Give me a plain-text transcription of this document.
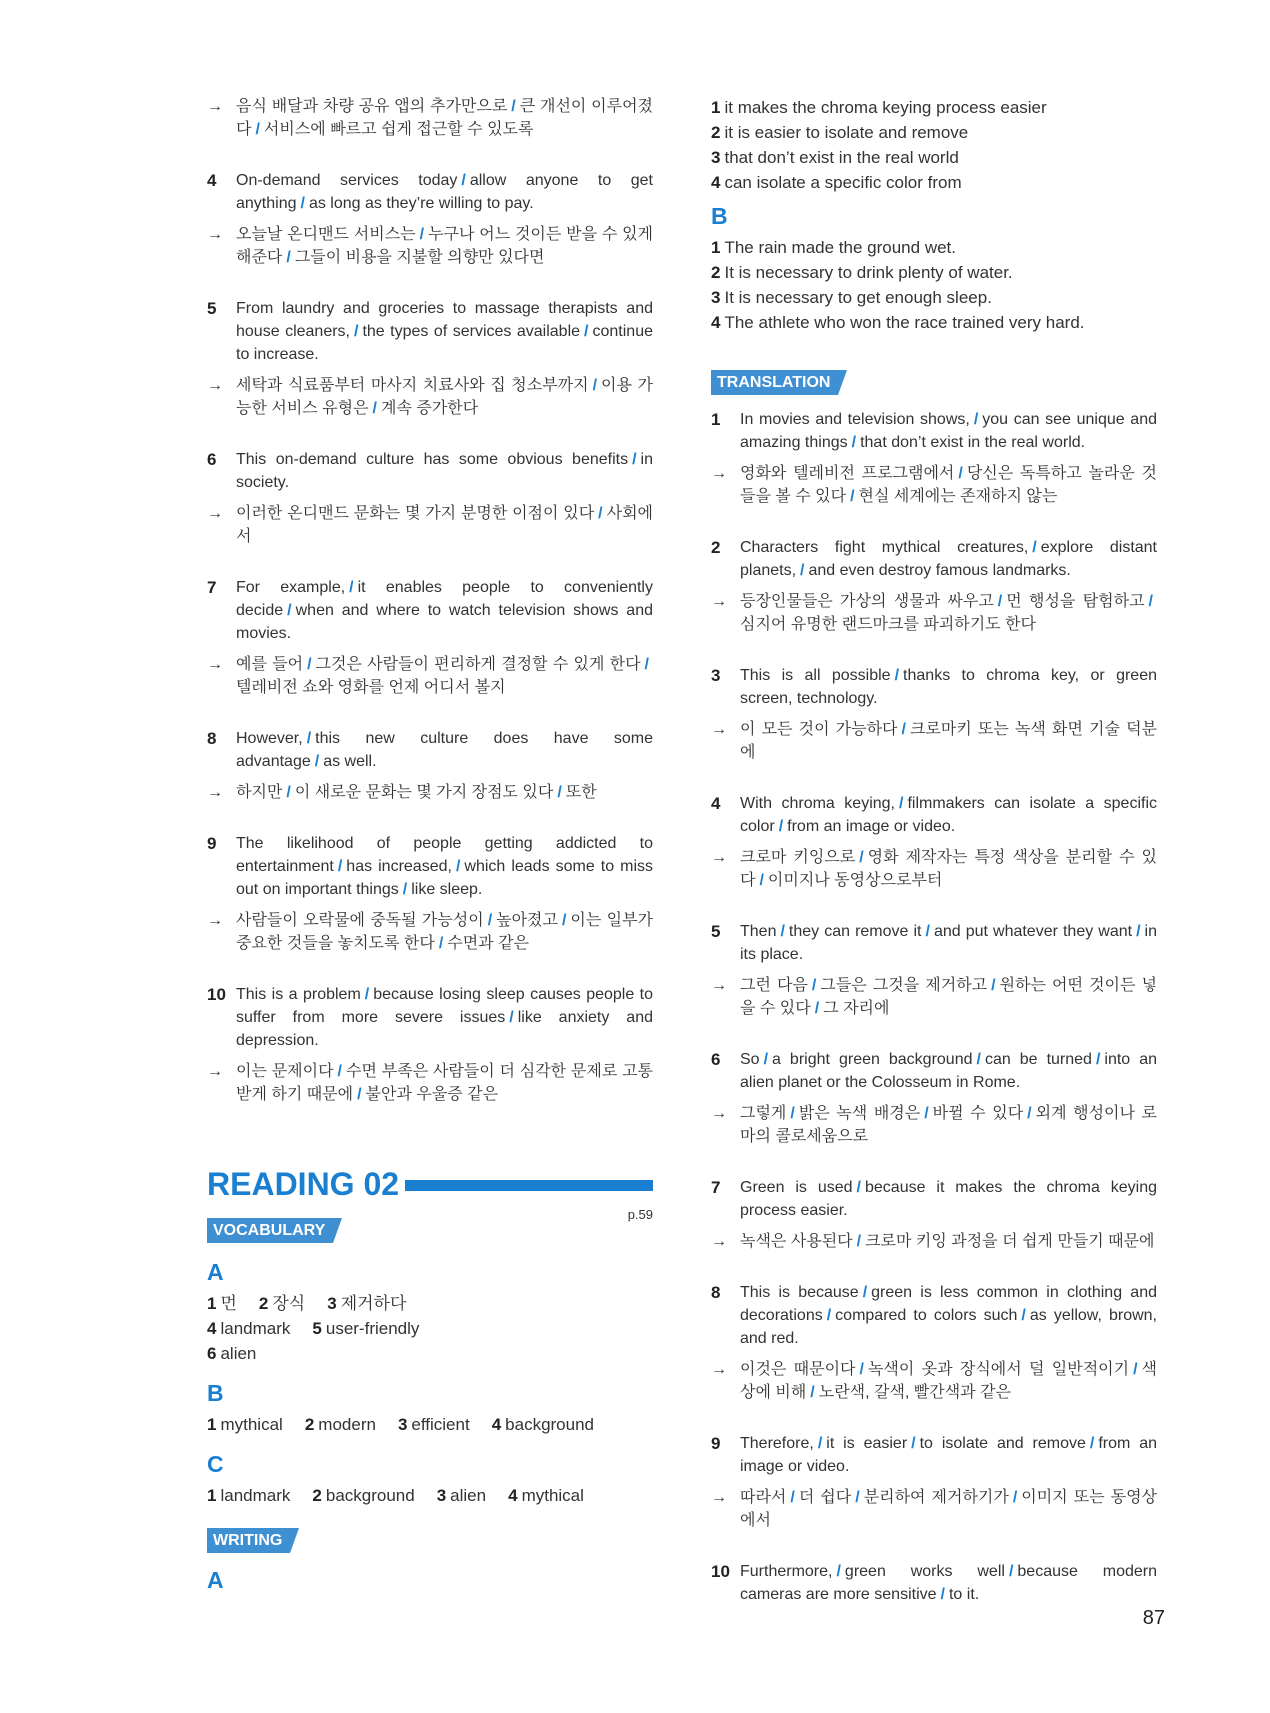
→ 음식 배달과 차량 공유 앱의 추가만으로 / 큰 개선이 이루어졌다 / 서비스에 빠르고 쉽게 접근할 수 있도록
4 On-demand services today / allow anyone to get anything / as long as they’re willing to pay.
→ 오늘날 온디맨드 서비스는 / 누구나 어느 것이든 받을 수 있게 해준다 / 그들이 비용을 지불할 의향만 있다면
5 From laundry and groceries to massage therapists and house cleaners, / the types of services available / continue to increase.
→ 세탁과 식료품부터 마사지 치료사와 집 청소부까지 / 이용 가능한 서비스 유형은 / 계속 증가한다
6 This on-demand culture has some obvious benefits / in society.
→ 이러한 온디맨드 문화는 몇 가지 분명한 이점이 있다 / 사회에서
7 For example, / it enables people to conveniently decide / when and where to watch television shows and movies.
→ 예를 들어 / 그것은 사람들이 편리하게 결정할 수 있게 한다 /텔레비전 쇼와 영화를 언제 어디서 볼지
8 However, / this new culture does have some advantage / as well.
→ 하지만 / 이 새로운 문화는 몇 가지 장점도 있다 / 또한
9 The likelihood of people getting addicted to entertainment / has increased, / which leads some to miss out on important things / like sleep.
→ 사람들이 오락물에 중독될 가능성이 / 높아졌고 / 이는 일부가 중요한 것들을 놓치도록 한다 / 수면과 같은
10 This is a problem / because losing sleep causes people to suffer from more severe issues / like anxiety and depression.
→ 이는 문제이다 / 수면 부족은 사람들이 더 심각한 문제로 고통받게 하기 때문에 / 불안과 우울증 같은
READING 02
p.59
VOCABULARY
A
1 먼 2 장식 3 제거하다4 landmark 5 user-friendly
6 alien
B
1 mythical 2 modern 3 efficient 4 background
C
1 landmark 2 background 3 alien 4 mythical
WRITING
A
1 it makes the chroma keying process easier
2 it is easier to isolate and remove
3 that don’t exist in the real world
4 can isolate a specific color from
B
1 The rain made the ground wet.
2 It is necessary to drink plenty of water.
3 It is necessary to get enough sleep.
4 The athlete who won the race trained very hard.
TRANSLATION
1 In movies and television shows, / you can see unique and amazing things / that don’t exist in the real world.
→ 영화와 텔레비전 프로그램에서 / 당신은 독특하고 놀라운 것들을 볼 수 있다 / 현실 세계에는 존재하지 않는
2 Characters fight mythical creatures, / explore distant planets, / and even destroy famous landmarks.
→ 등장인물들은 가상의 생물과 싸우고 / 먼 행성을 탐험하고 /심지어 유명한 랜드마크를 파괴하기도 한다
3 This is all possible / thanks to chroma key, or green screen, technology.
→ 이 모든 것이 가능하다 / 크로마키 또는 녹색 화면 기술 덕분에
4 With chroma keying, / filmmakers can isolate a specific color / from an image or video.
→ 크로마 키잉으로 / 영화 제작자는 특정 색상을 분리할 수 있다 / 이미지나 동영상으로부터
5 Then / they can remove it / and put whatever they want / in its place.
→ 그런 다음 / 그들은 그것을 제거하고 / 원하는 어떤 것이든 넣을 수 있다 / 그 자리에
6 So / a bright green background / can be turned / into an alien planet or the Colosseum in Rome.
→ 그렇게 / 밝은 녹색 배경은 / 바뀔 수 있다 / 외계 행성이나 로마의 콜로세움으로
7 Green is used / because it makes the chroma keying process easier.
→ 녹색은 사용된다 / 크로마 키잉 과정을 더 쉽게 만들기 때문에
8 This is because / green is less common in clothing and decorations / compared to colors such / as yellow, brown, and red.
→ 이것은 때문이다 / 녹색이 옷과 장식에서 덜 일반적이기 / 색상에 비해 / 노란색, 갈색, 빨간색과 같은
9 Therefore, / it is easier / to isolate and remove / from an image or video.
→ 따라서 / 더 쉽다 / 분리하여 제거하기가 / 이미지 또는 동영상에서
10 Furthermore, / green works well / because modern cameras are more sensitive / to it.
87
